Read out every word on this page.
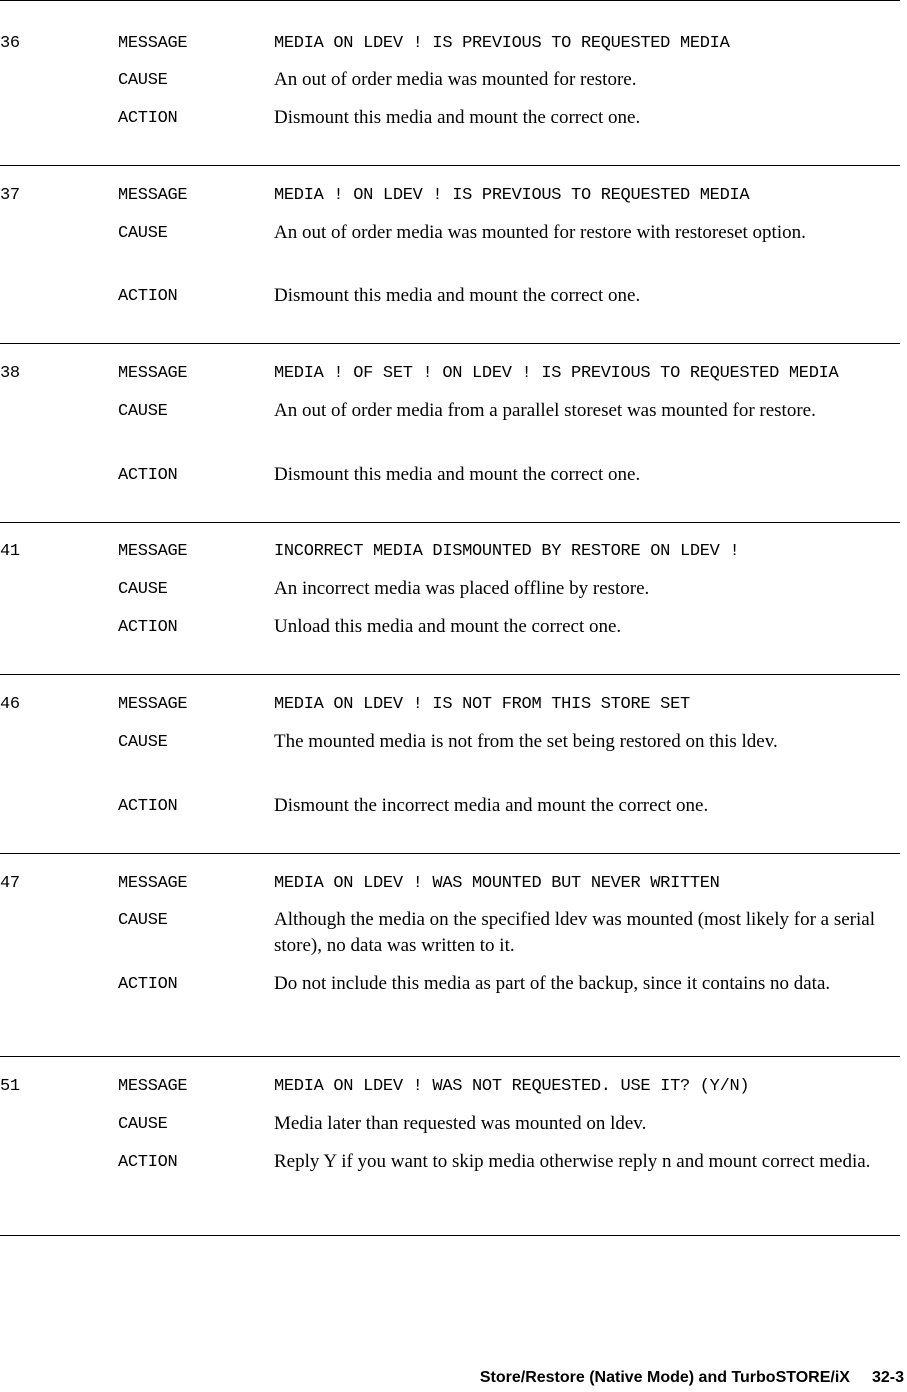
36	MESSAGE	MEDIA ON LDEV ! IS PREVIOUS TO REQUESTED MEDIA
CAUSE	An out of order media was mounted for restore.
ACTION	Dismount this media and mount the correct one.
37	MESSAGE	MEDIA ! ON LDEV ! IS PREVIOUS TO REQUESTED MEDIA
CAUSE	An out of order media was mounted for restore with restoreset option.
ACTION	Dismount this media and mount the correct one.
38	MESSAGE	MEDIA ! OF SET ! ON LDEV ! IS PREVIOUS TO REQUESTED MEDIA
CAUSE	An out of order media from a parallel storeset was mounted for restore.
ACTION	Dismount this media and mount the correct one.
41	MESSAGE	INCORRECT MEDIA DISMOUNTED BY RESTORE ON LDEV !
CAUSE	An incorrect media was placed offline by restore.
ACTION	Unload this media and mount the correct one.
46	MESSAGE	MEDIA ON LDEV ! IS NOT FROM THIS STORE SET
CAUSE	The mounted media is not from the set being restored on this ldev.
ACTION	Dismount the incorrect media and mount the correct one.
47	MESSAGE	MEDIA ON LDEV ! WAS MOUNTED BUT NEVER WRITTEN
CAUSE	Although the media on the specified ldev was mounted (most likely for a serial store), no data was written to it.
ACTION	Do not include this media as part of the backup, since it contains no data.
51	MESSAGE	MEDIA ON LDEV ! WAS NOT REQUESTED. USE IT? (Y/N)
CAUSE	Media later than requested was mounted on ldev.
ACTION	Reply Y if you want to skip media otherwise reply n and mount correct media.
Store/Restore (Native Mode) and TurboSTORE/iX 32-3
